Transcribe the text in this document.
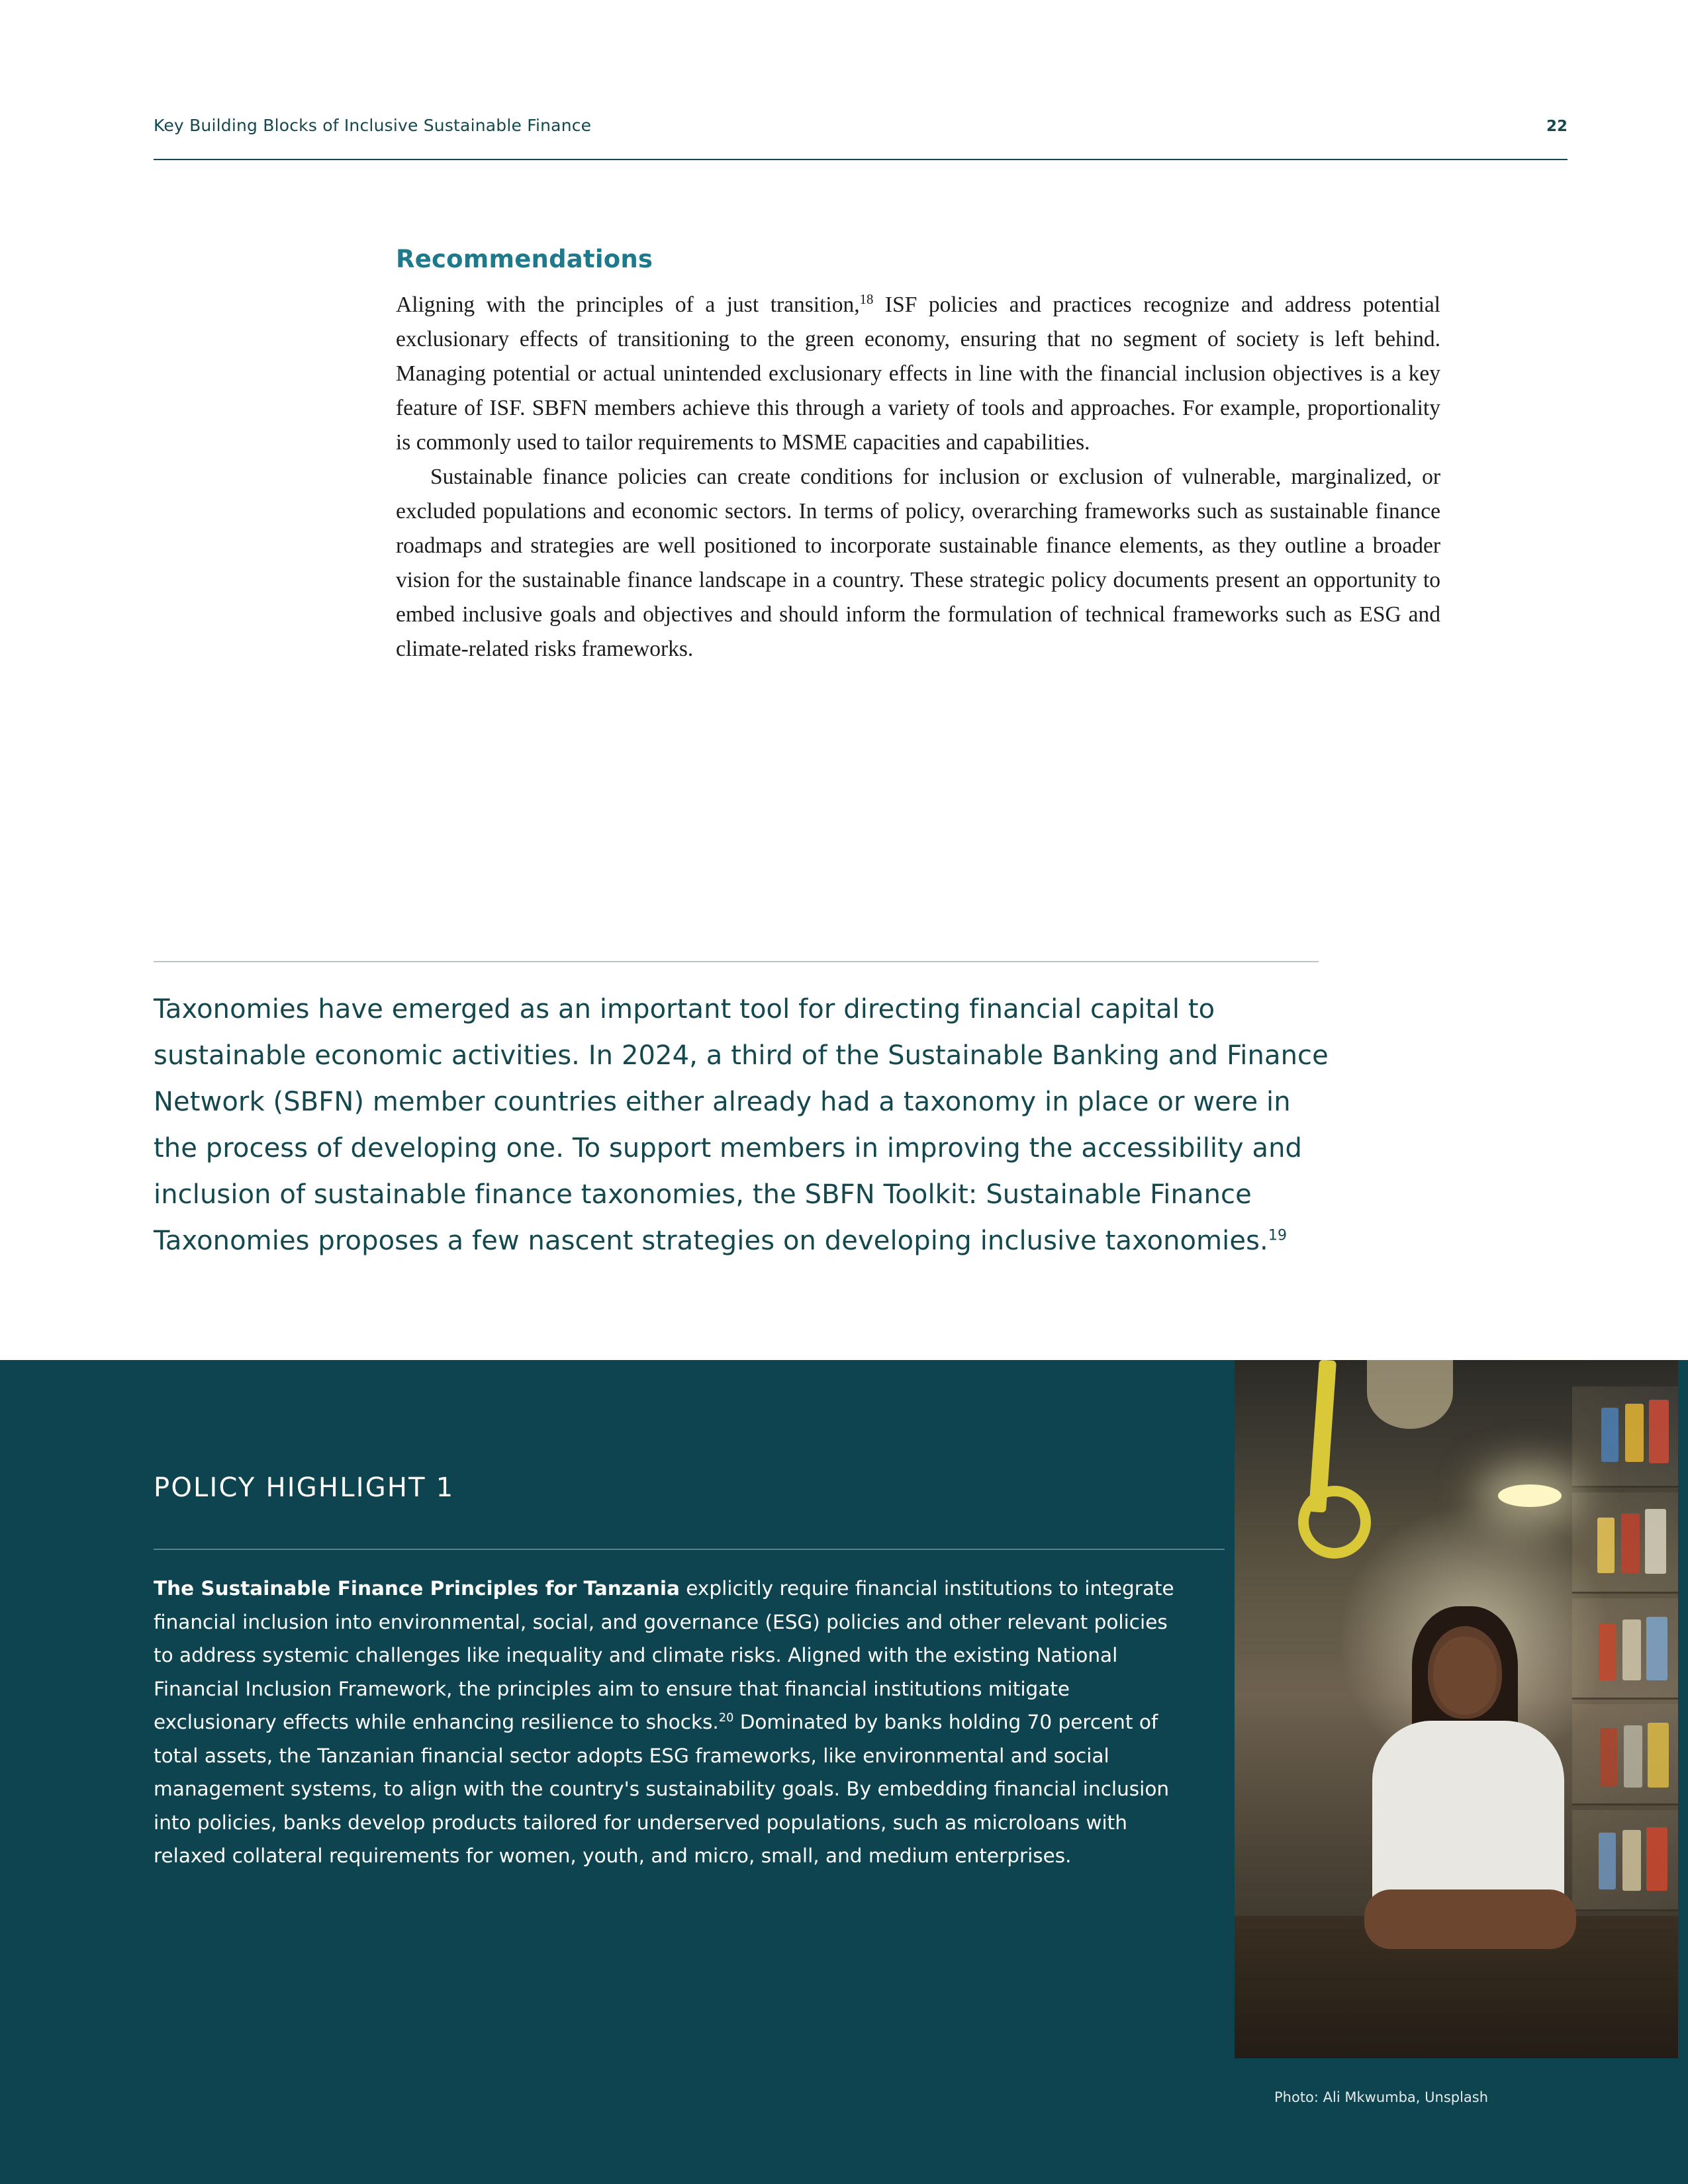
Key Building Blocks of Inclusive Sustainable Finance	22
Recommendations

Aligning with the principles of a just transition,$^{18}$ ISF policies and practices recognize and address potential exclusionary effects of transitioning to the green economy, ensuring that no segment of society is left behind. Managing potential or actual unintended exclusionary effects in line with the financial inclusion objectives is a key feature of ISF. SBFN members achieve this through a variety of tools and approaches. For example, proportionality is commonly used to tailor requirements to MSME capacities and capabilities.

Sustainable finance policies can create conditions for inclusion or exclusion of vulnerable, marginalized, or excluded populations and economic sectors. In terms of policy, overarching frameworks such as sustainable finance roadmaps and strategies are well positioned to incorporate sustainable finance elements, as they outline a broader vision for the sustainable finance landscape in a country. These strategic policy documents present an opportunity to embed inclusive goals and objectives and should inform the formulation of technical frameworks such as ESG and climate-related risks frameworks.

Taxonomies have emerged as an important tool for directing financial capital to sustainable economic activities. In 2024, a third of the Sustainable Banking and Finance Network (SBFN) member countries either already had a taxonomy in place or were in the process of developing one. To support members in improving the accessibility and inclusion of sustainable finance taxonomies, the SBFN Toolkit: Sustainable Finance Taxonomies proposes a few nascent strategies on developing inclusive taxonomies.$^{19}$
POLICY HIGHLIGHT 1
The Sustainable Finance Principles for Tanzania explicitly require financial institutions to integrate financial inclusion into environmental, social, and governance (ESG) policies and other relevant policies to address systemic challenges like inequality and climate risks. Aligned with the existing National Financial Inclusion Framework, the principles aim to ensure that financial institutions mitigate exclusionary effects while enhancing resilience to shocks.$^{20}$ Dominated by banks holding 70 percent of total assets, the Tanzanian financial sector adopts ESG frameworks, like environmental and social management systems, to align with the country's sustainability goals. By embedding financial inclusion into policies, banks develop products tailored for underserved populations, such as microloans with relaxed collateral requirements for women, youth, and micro, small, and medium enterprises.
Photo: Ali Mkwumba, Unsplash
